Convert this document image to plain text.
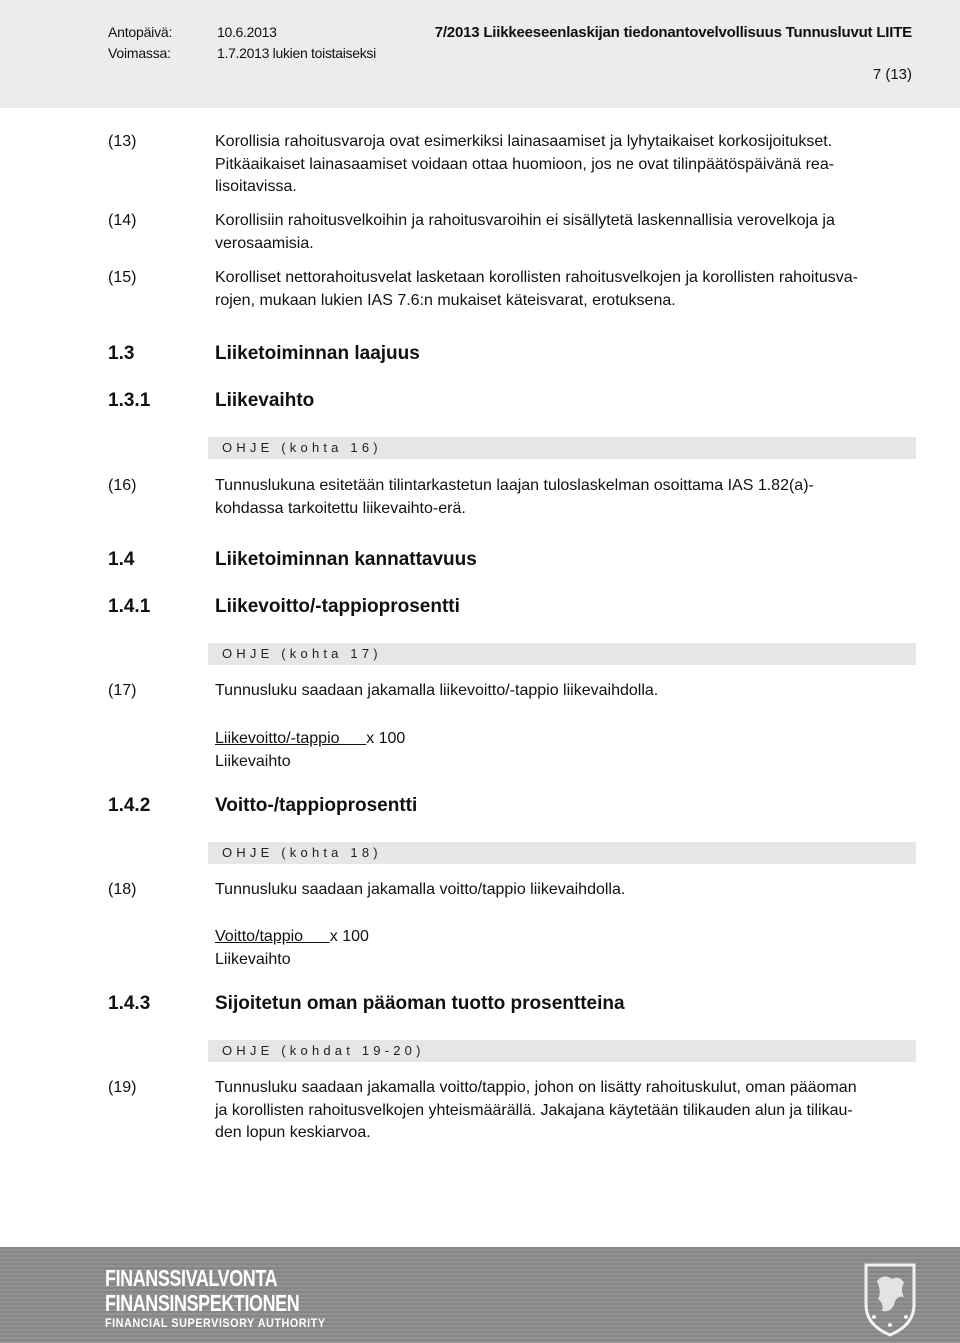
Antopäivä:	10.6.2013
Voimassa:	1.7.2013 lukien toistaiseksi
7/2013 Liikkeeseenlaskijan tiedonantovelvollisuus Tunnusluvut LIITE
7 (13)
(13)	Korollisia rahoitusvaroja ovat esimerkiksi lainasaamiset ja lyhytaikaiset korkosijoitukset.
Pitkäaikaiset lainasaamiset voidaan ottaa huomioon, jos ne ovat tilinpäätöspäivänä rea-
lisoitavissa.
(14)	Korollisiin rahoitusvelkoihin ja rahoitusvaroihin ei sisällytetä laskennallisia verovelkoja ja
verosaamisia.
(15)	Korolliset nettorahoitusvelat lasketaan korollisten rahoitusvelkojen ja korollisten rahoitusva-
rojen, mukaan lukien IAS 7.6:n mukaiset käteisvarat, erotuksena.
1.3	Liiketoiminnan laajuus
1.3.1	Liikevaihto
OHJE (kohta 16)
(16)	Tunnuslukuna esitetään tilintarkastetun laajan tuloslaskelman osoittama IAS 1.82(a)-
kohdassa tarkoitettu liikevaihto-erä.
1.4	Liiketoiminnan kannattavuus
1.4.1	Liikevoitto/-tappioprosentti
OHJE (kohta 17)
(17)	Tunnusluku saadaan jakamalla liikevoitto/-tappio liikevaihdolla.
Liikevoitto/-tappio      x 100
Liikevaihto
1.4.2	Voitto-/tappioprosentti
OHJE (kohta 18)
(18)	Tunnusluku saadaan jakamalla voitto/tappio liikevaihdolla.
Voitto/tappio      x 100
Liikevaihto
1.4.3	Sijoitetun oman pääoman tuotto prosentteina
OHJE (kohdat 19-20)
(19)	Tunnusluku saadaan jakamalla voitto/tappio, johon on lisätty rahoituskulut, oman pääoman
ja korollisten rahoitusvelkojen yhteismäärällä. Jakajana käytetään tilikauden alun ja tilikau-
den lopun keskiarvoa.
FINANSSIVALVONTA
FINANSINSPEKTIONEN
FINANCIAL SUPERVISORY AUTHORITY
